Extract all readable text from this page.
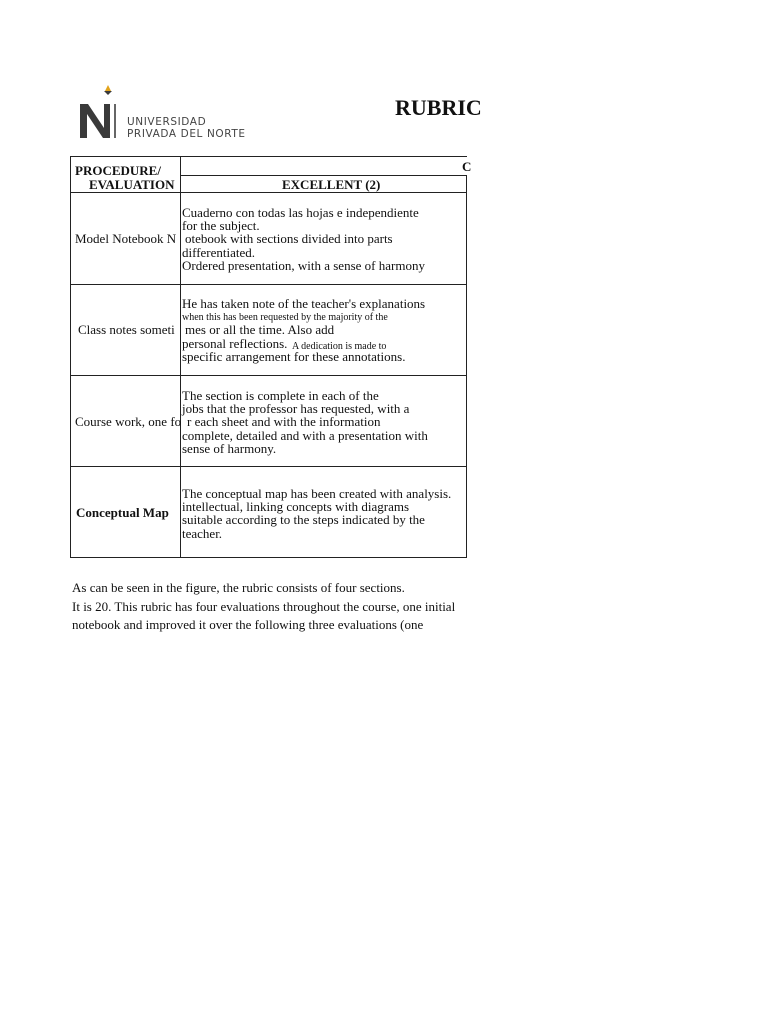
UNIVERSIDAD
PRIVADA DEL NORTE
RUBRIC
C
PROCEDURE/
EVALUATION	EXCELLENT (2)
Model Notebook N
Cuaderno con todas las hojas e independiente
for the subject.
otebook with sections divided into parts
differentiated.
Ordered presentation, with a sense of harmony
Class notes someti
He has taken note of the teacher's explanations
when this has been requested by the majority of the
mes or all the time. Also add
personal reflections. A dedication is made to
specific arrangement for these annotations.
Course work, one fo
The section is complete in each of the
jobs that the professor has requested, with a
r each sheet and with the information
complete, detailed and with a presentation with
sense of harmony.
Conceptual Map
The conceptual map has been created with analysis.
intellectual, linking concepts with diagrams
suitable according to the steps indicated by the
teacher.
As can be seen in the figure, the rubric consists of four sections.
It is 20. This rubric has four evaluations throughout the course, one initial
notebook and improved it over the following three evaluations (one
